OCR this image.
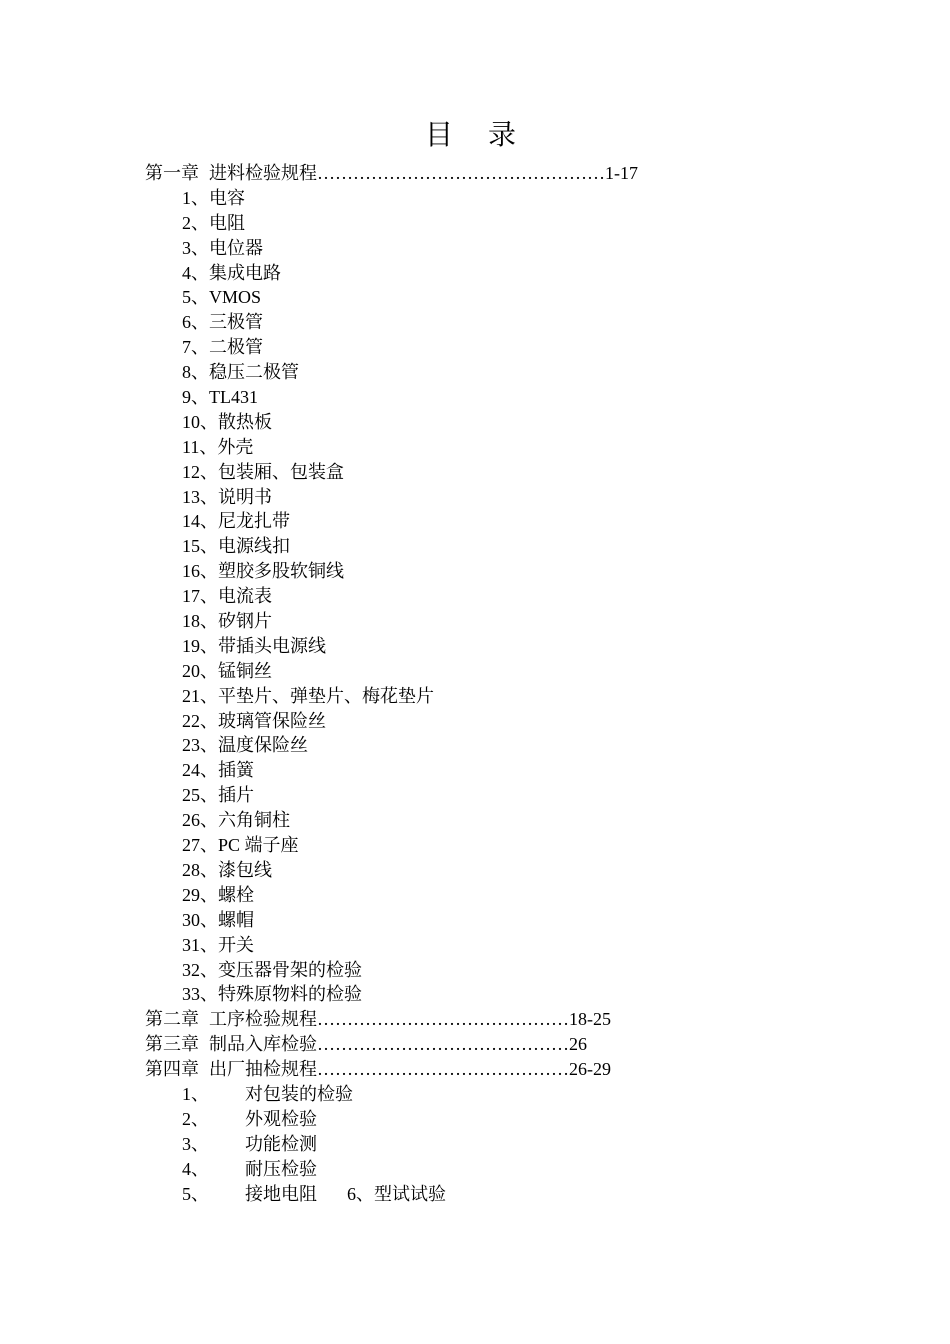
目 录
第一章 进料检验规程…………………………………………1-17
1、电容
2、电阻
3、电位器
4、集成电路
5、VMOS
6、三极管
7、二极管
8、稳压二极管
9、TL431
10、散热板
11、外壳
12、包装厢、包装盒
13、说明书
14、尼龙扎带
15、电源线扣
16、塑胶多股软铜线
17、电流表
18、矽钢片
19、带插头电源线
20、锰铜丝
21、平垫片、弹垫片、梅花垫片
22、玻璃管保险丝
23、温度保险丝
24、插簧
25、插片
26、六角铜柱
27、PC 端子座
28、漆包线
29、螺栓
30、螺帽
31、开关
32、变压器骨架的检验
33、特殊原物料的检验
第二章 工序检验规程……………………………………18-25
第三章 制品入库检验……………………………………26
第四章 出厂抽检规程……………………………………26-29
1、 对包装的检验
2、 外观检验
3、 功能检测
4、 耐压检验
5、 接地电阻 6、型试试验
